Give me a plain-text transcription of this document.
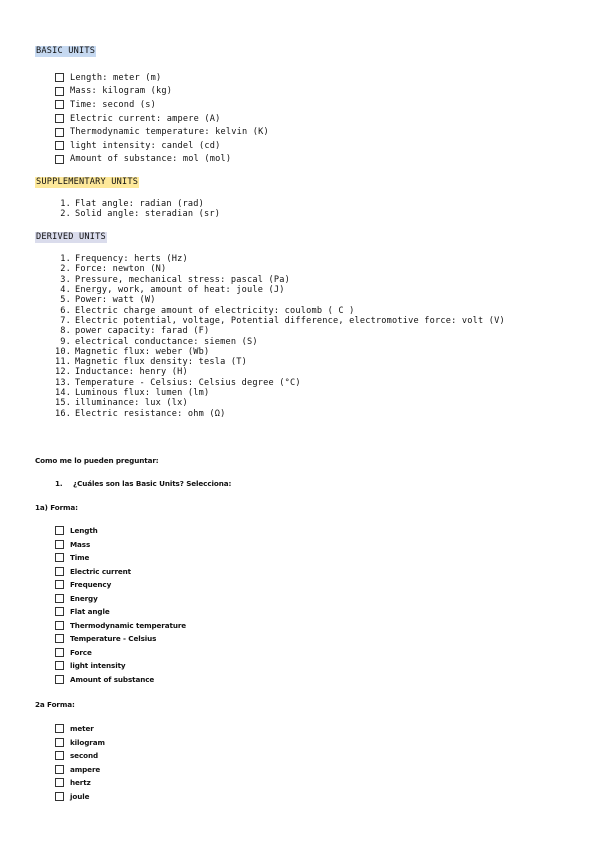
BASIC UNITS
Length: meter (m)
Mass: kilogram (kg)
Time: second (s)
Electric current: ampere (A)
Thermodynamic temperature: kelvin (K)
light intensity: candel (cd)
Amount of substance: mol (mol)
SUPPLEMENTARY UNITS
1. Flat angle: radian (rad)
2. Solid angle: steradian (sr)
DERIVED UNITS
1. Frequency: herts (Hz)
2. Force: newton (N)
3. Pressure, mechanical stress: pascal (Pa)
4. Energy, work, amount of heat: joule (J)
5. Power: watt (W)
6. Electric charge amount of electricity: coulomb ( C )
7. Electric potential, voltage, Potential difference, electromotive force: volt (V)
8. power capacity: farad (F)
9. electrical conductance: siemen (S)
10. Magnetic flux: weber (Wb)
11. Magnetic flux density: tesla (T)
12. Inductance: henry (H)
13. Temperature - Celsius: Celsius degree (°C)
14. Luminous flux: lumen (lm)
15. illuminance: lux (lx)
16. Electric resistance: ohm (Ω)
Como me lo pueden preguntar:
1. ¿Cuáles son las Basic Units? Selecciona:
1a) Forma:
Length
Mass
Time
Electric current
Frequency
Energy
Flat angle
Thermodynamic temperature
Temperature - Celsius
Force
light intensity
Amount of substance
2a Forma:
meter
kilogram
second
ampere
hertz
joule
